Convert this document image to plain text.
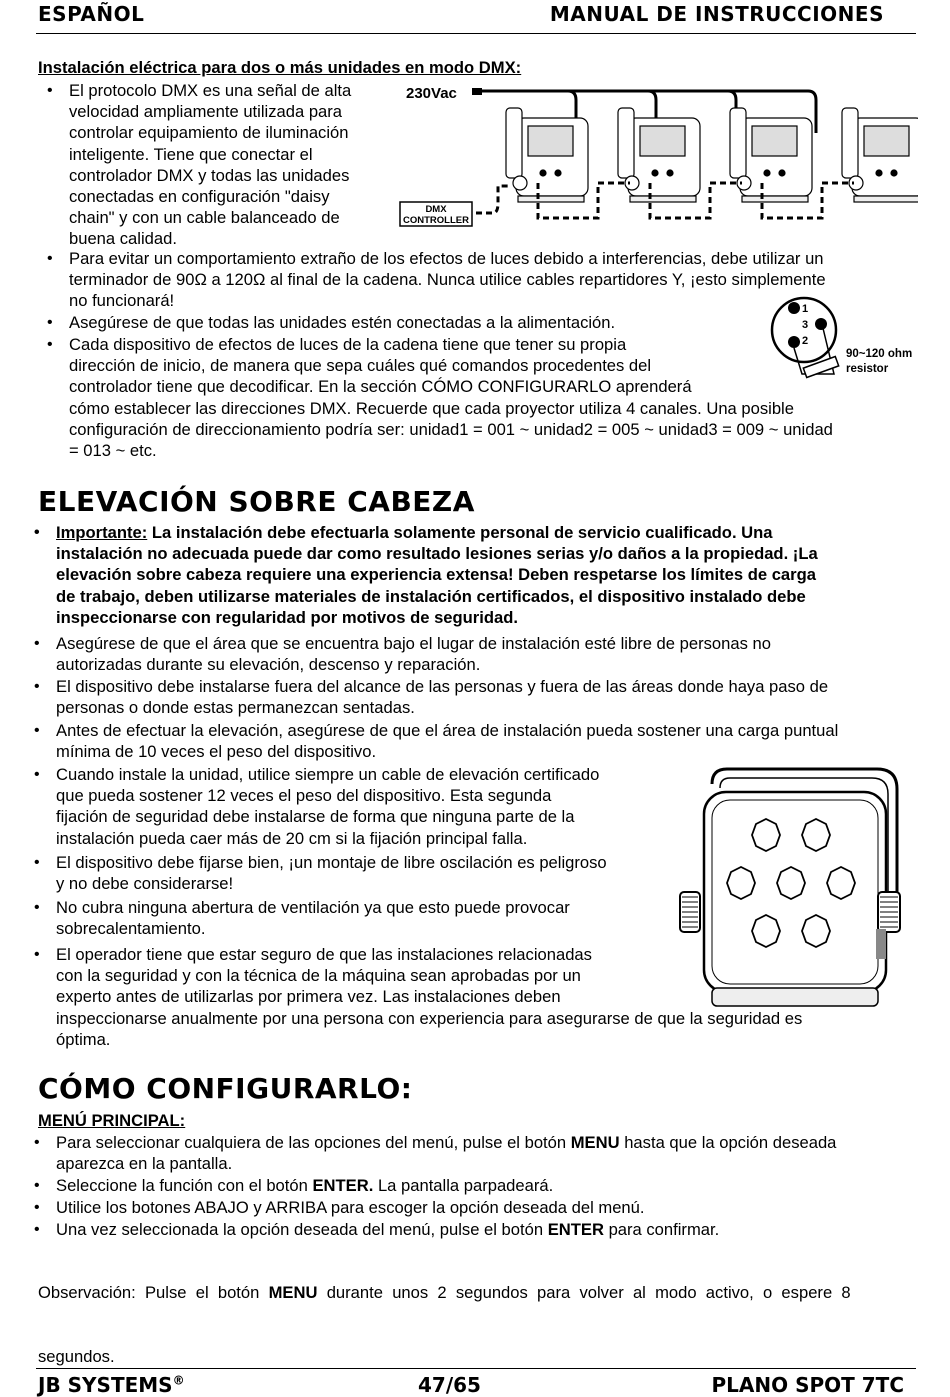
ESPAÑOL	MANUAL DE INSTRUCCIONES
Instalación eléctrica para dos o más unidades en modo DMX:
• El protocolo DMX es una señal de alta
velocidad ampliamente utilizada para
controlar equipamiento de iluminación
inteligente. Tiene que conectar el
controlador DMX y todas las unidades
conectadas en configuración "daisy
chain" y con un cable balanceado de
buena calidad.
230Vac
DMX
CONTROLLER
• Para evitar un comportamiento extraño de los efectos de luces debido a interferencias, debe utilizar un
terminador de 90Ω a 120Ω al final de la cadena. Nunca utilice cables repartidores Y, ¡esto simplemente
no funcionará!
• Asegúrese de que todas las unidades estén conectadas a la alimentación.
• Cada dispositivo de efectos de luces de la cadena tiene que tener su propia
dirección de inicio, de manera que sepa cuáles qué comandos procedentes del
controlador tiene que decodificar. En la sección CÓMO CONFIGURARLO aprenderá
cómo establecer las direcciones DMX. Recuerde que cada proyector utiliza 4 canales. Una posible
configuración de direccionamiento podría ser: unidad1 = 001 ~ unidad2 = 005 ~ unidad3 = 009 ~ unidad
= 013 ~ etc.
1
2
3
90~120 ohm
resistor
ELEVACIÓN SOBRE CABEZA
• Importante: La instalación debe efectuarla solamente personal de servicio cualificado. Una
instalación no adecuada puede dar como resultado lesiones serias y/o daños a la propiedad. ¡La
elevación sobre cabeza requiere una experiencia extensa! Deben respetarse los límites de carga
de trabajo, deben utilizarse materiales de instalación certificados, el dispositivo instalado debe
inspeccionarse con regularidad por motivos de seguridad.
• Asegúrese de que el área que se encuentra bajo el lugar de instalación esté libre de personas no
autorizadas durante su elevación, descenso y reparación.
• El dispositivo debe instalarse fuera del alcance de las personas y fuera de las áreas donde haya paso de
personas o donde estas permanezcan sentadas.
• Antes de efectuar la elevación, asegúrese de que el área de instalación pueda sostener una carga puntual
mínima de 10 veces el peso del dispositivo.
• Cuando instale la unidad, utilice siempre un cable de elevación certificado
que pueda sostener 12 veces el peso del dispositivo. Esta segunda
fijación de seguridad debe instalarse de forma que ninguna parte de la
instalación pueda caer más de 20 cm si la fijación principal falla.
• El dispositivo debe fijarse bien, ¡un montaje de libre oscilación es peligroso
y no debe considerarse!
• No cubra ninguna abertura de ventilación ya que esto puede provocar
sobrecalentamiento.
• El operador tiene que estar seguro de que las instalaciones relacionadas
con la seguridad y con la técnica de la máquina sean aprobadas por un
experto antes de utilizarlas por primera vez. Las instalaciones deben
inspeccionarse anualmente por una persona con experiencia para asegurarse de que la seguridad es
óptima.
CÓMO CONFIGURARLO:
MENÚ PRINCIPAL:
• Para seleccionar cualquiera de las opciones del menú, pulse el botón MENU hasta que la opción deseada
aparezca en la pantalla.
• Seleccione la función con el botón ENTER. La pantalla parpadeará.
• Utilice los botones ABAJO y ARRIBA para escoger la opción deseada del menú.
• Una vez seleccionada la opción deseada del menú, pulse el botón ENTER para confirmar.

Observación:  Pulse  el  botón  MENU  durante  unos  2  segundos  para  volver  al  modo  activo,  o  espere  8

segundos.

JB SYSTEMS®	47/65	PLANO SPOT 7TC
